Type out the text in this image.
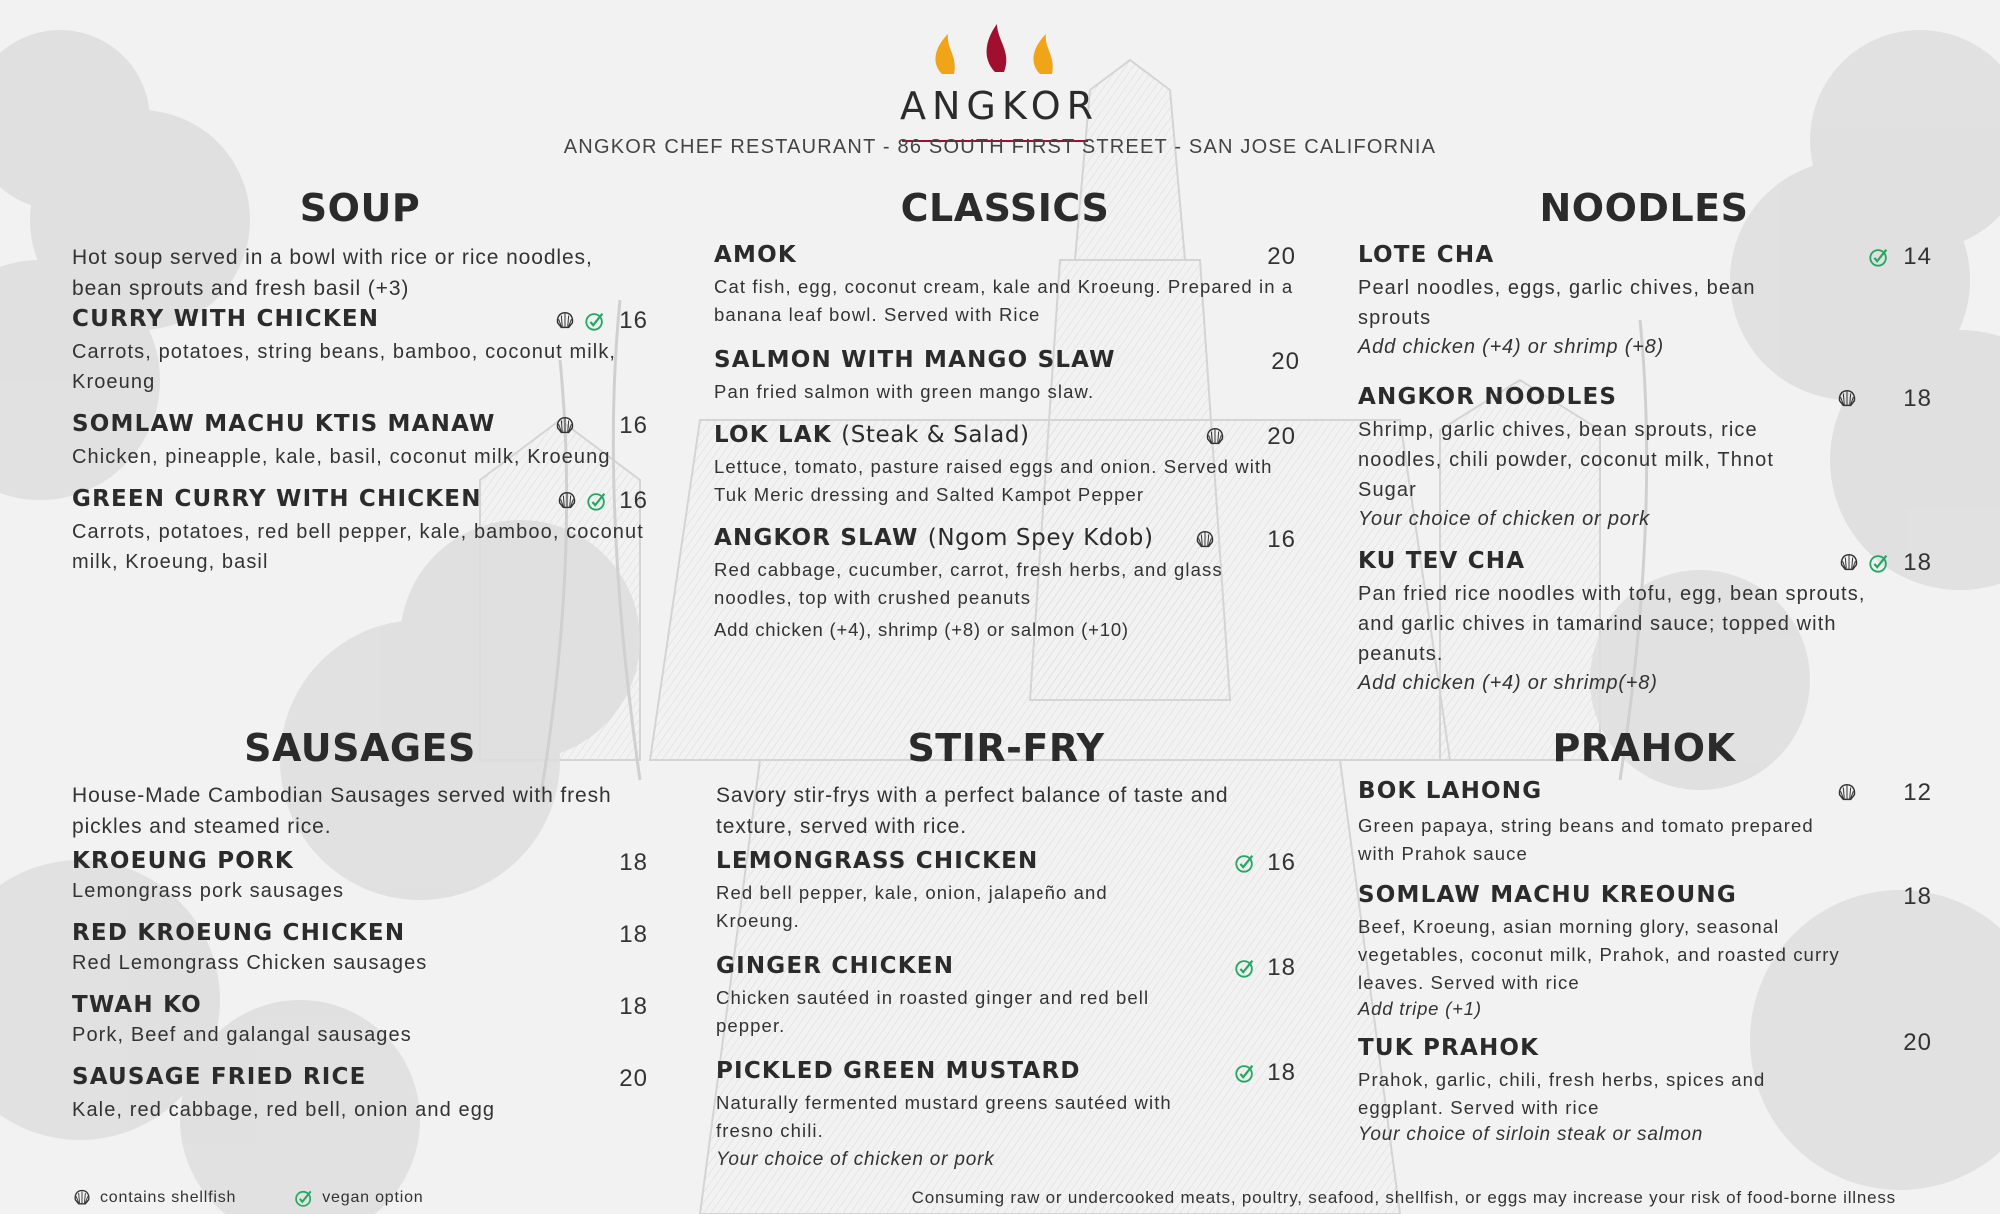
ANGKOR
ANGKOR CHEF RESTAURANT - 86 SOUTH FIRST STREET - SAN JOSE CALIFORNIA
SOUP

Hot soup served in a bowl with rice or rice noodles, bean sprouts and fresh basil (+3)

CURRY WITH CHICKEN	16
Carrots, potatoes, string beans, bamboo, coconut milk, Kroeung
SOMLAW MACHU KTIS MANAW	16
Chicken, pineapple, kale, basil, coconut milk, Kroeung
GREEN CURRY WITH CHICKEN	16
Carrots, potatoes, red bell pepper, kale, bamboo, coconut milk, Kroeung, basil
CLASSICS
AMOK	20
Cat fish, egg, coconut cream, kale and Kroeung. Prepared in a banana leaf bowl. Served with Rice
SALMON WITH MANGO SLAW	20
Pan fried salmon with green mango slaw.
LOK LAK (Steak & Salad)	20
Lettuce, tomato, pasture raised eggs and onion. Served with Tuk Meric dressing and Salted Kampot Pepper
ANGKOR SLAW (Ngom Spey Kdob)	16
Red cabbage, cucumber, carrot, fresh herbs, and glass noodles, top with crushed peanuts
Add chicken (+4), shrimp (+8) or salmon (+10)
NOODLES
LOTE CHA	14
Pearl noodles, eggs, garlic chives, bean sprouts
Add chicken (+4) or shrimp (+8)
ANGKOR NOODLES	18
Shrimp, garlic chives, bean sprouts, rice noodles, chili powder, coconut milk, Thnot Sugar
Your choice of chicken or pork
KU TEV CHA	18
Pan fried rice noodles with tofu, egg, bean sprouts, and garlic chives in tamarind sauce; topped with peanuts.
Add chicken (+4) or shrimp(+8)
SAUSAGES

House-Made Cambodian Sausages served with fresh pickles and steamed rice.

KROEUNG PORK	18
Lemongrass pork sausages
RED KROEUNG CHICKEN	18
Red Lemongrass Chicken sausages
TWAH KO	18
Pork, Beef and galangal sausages
SAUSAGE FRIED RICE	20
Kale, red cabbage, red bell, onion and egg
STIR-FRY

Savory stir-frys with a perfect balance of taste and texture, served with rice.

LEMONGRASS CHICKEN	16
Red bell pepper, kale, onion, jalapeño and Kroeung.
GINGER CHICKEN	18
Chicken sautéed in roasted ginger and red bell pepper.
PICKLED GREEN MUSTARD	18
Naturally fermented mustard greens sautéed with fresno chili.
Your choice of chicken or pork
PRAHOK
BOK LAHONG	12
Green papaya, string beans and tomato prepared with Prahok sauce
SOMLAW MACHU KREOUNG	18
Beef, Kroeung, asian morning glory, seasonal vegetables, coconut milk, Prahok, and roasted curry leaves. Served with rice
Add tripe (+1)
TUK PRAHOK	20
Prahok, garlic, chili, fresh herbs, spices and eggplant. Served with rice
Your choice of sirloin steak or salmon
contains shellfish	vegan option	Consuming raw or undercooked meats, poultry, seafood, shellfish, or eggs may increase your risk of food-borne illness
